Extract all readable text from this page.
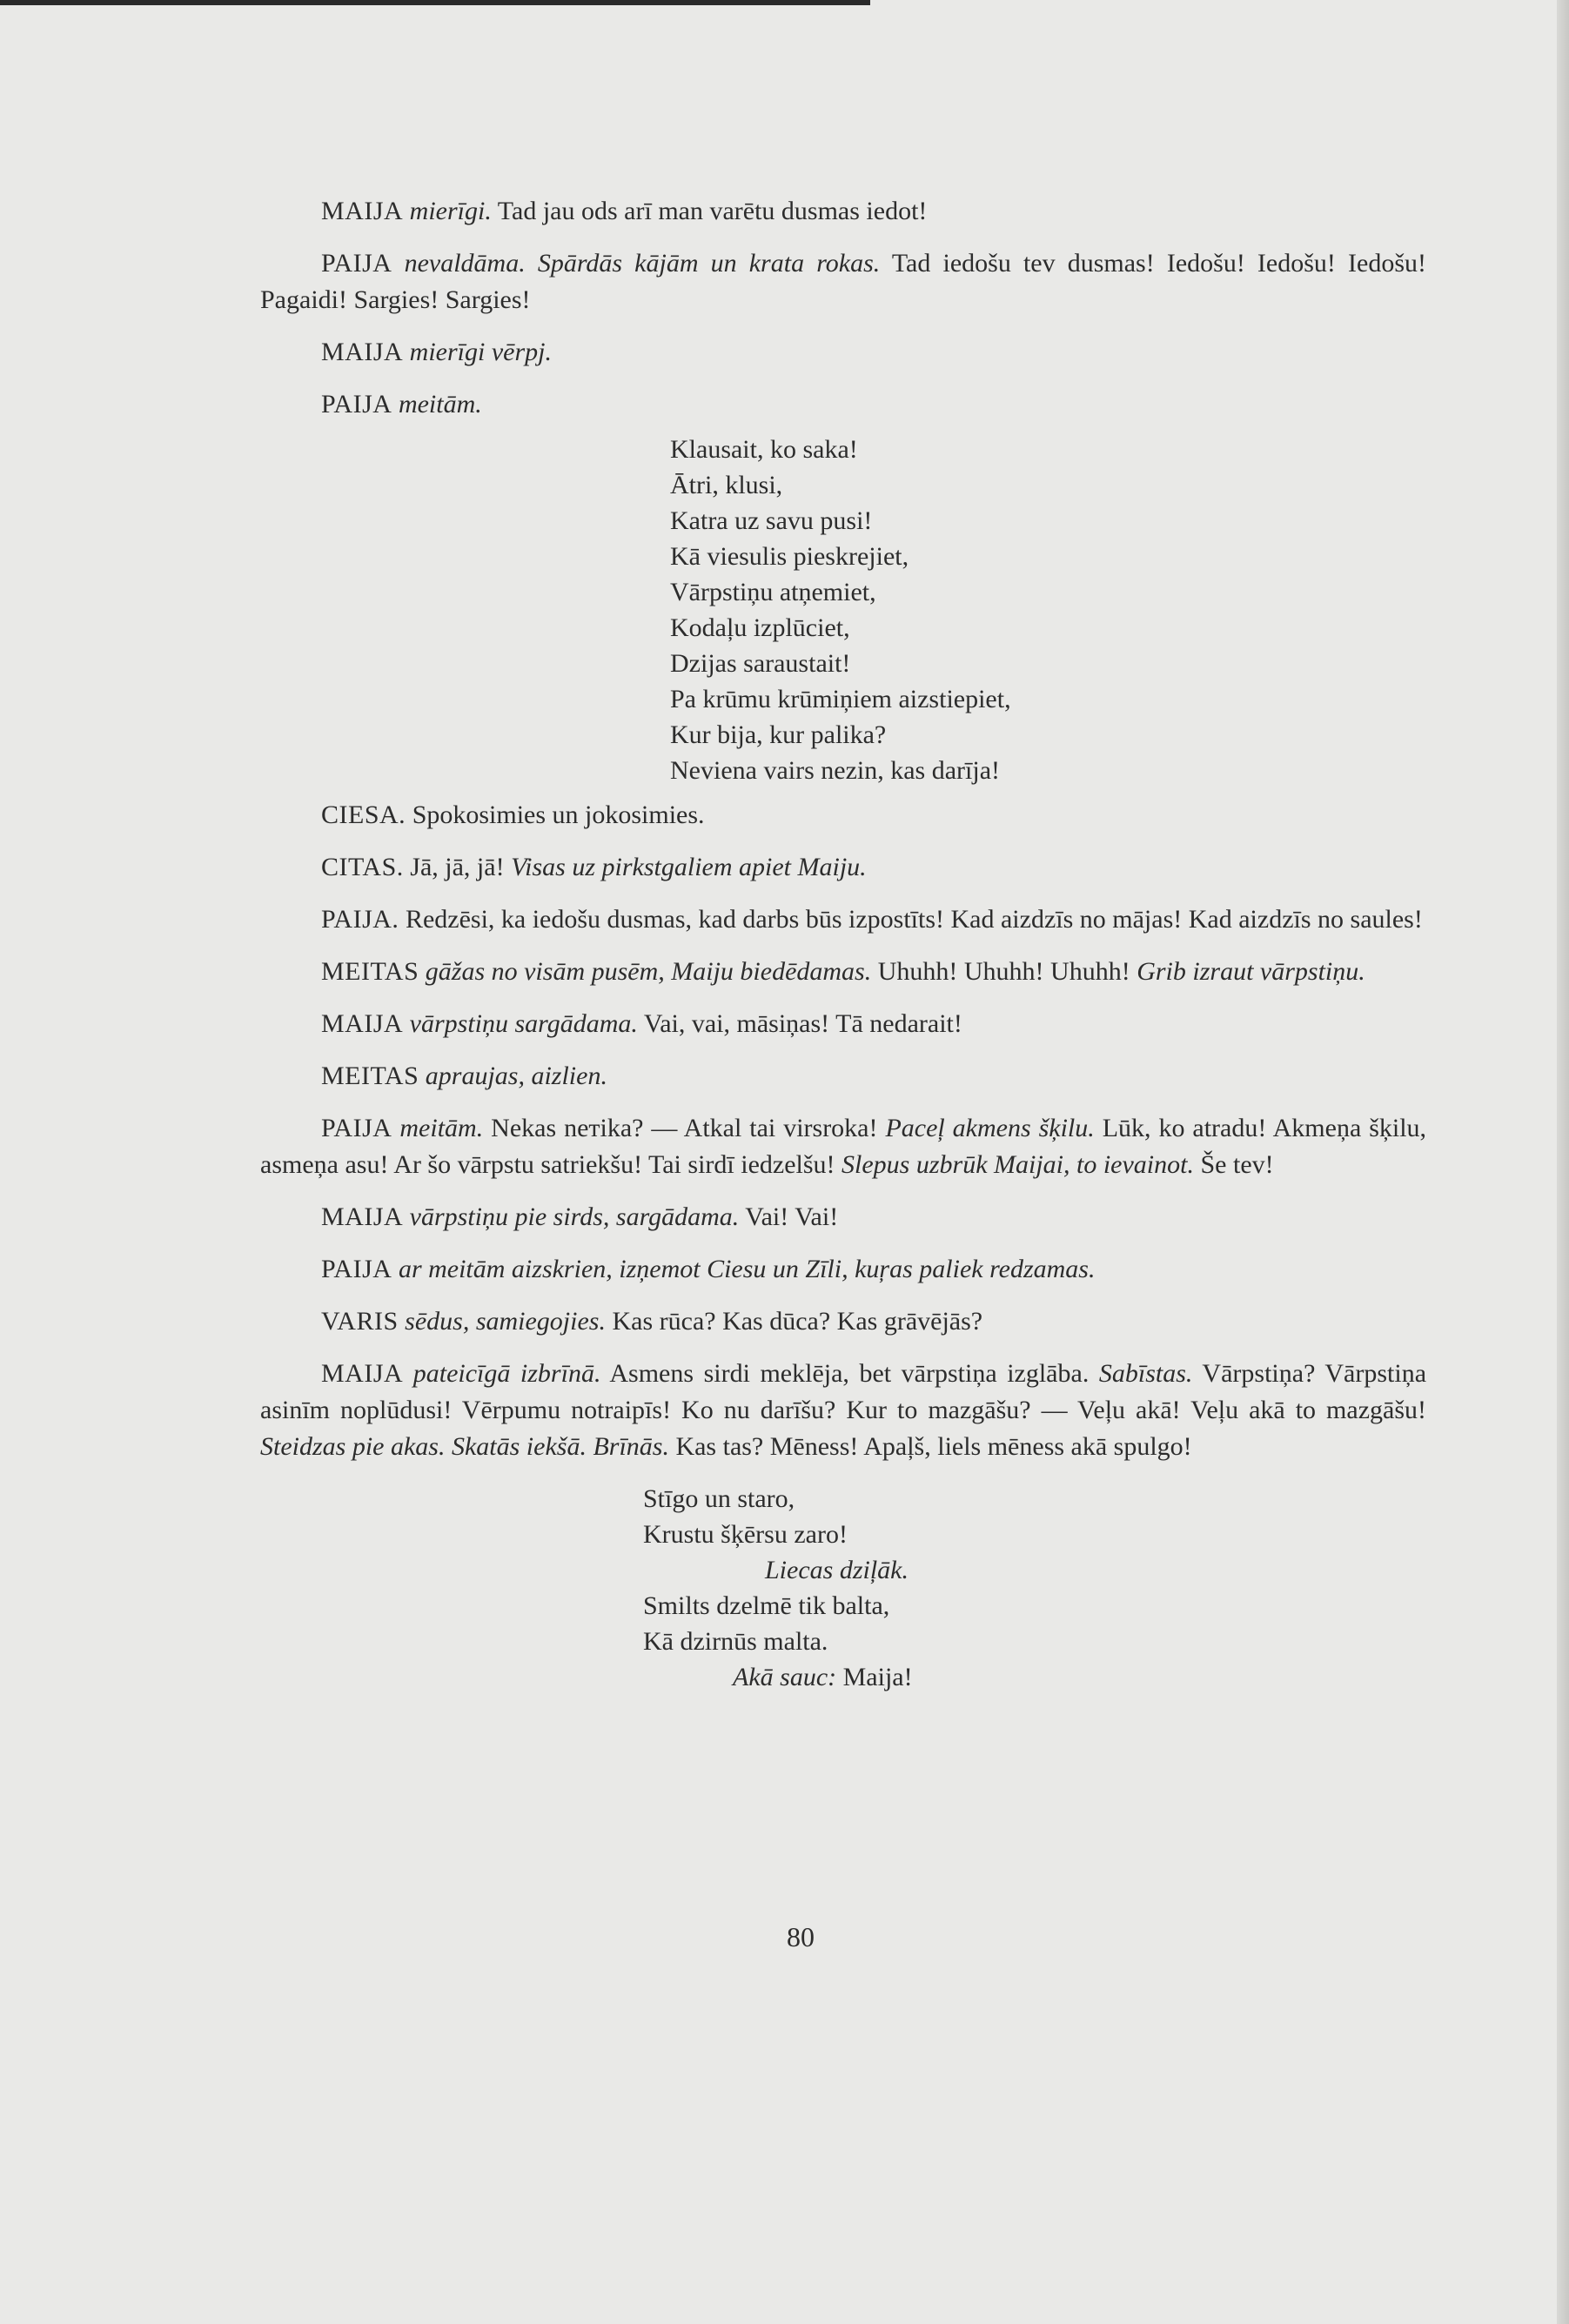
MAIJA mierīgi. Tad jau ods arī man varētu dusmas iedot!

PAIJA nevaldāma. Spārdās kājām un krata rokas. Tad iedošu tev dusmas! Iedošu! Iedošu! Iedošu! Pagaidi! Sargies! Sargies!

MAIJA mierīgi vērpj.

PAIJA meitām.

Klausait, ko saka!
Ātri, klusi,
Katra uz savu pusi!
Kā viesulis pieskrejiet,
Vārpstiņu atņemiet,
Kodaļu izplūciet,
Dzijas saraustait!
Pa krūmu krūmiņiem aizstiepiet,
Kur bija, kur palika?
Neviena vairs nezin, kas darīja!

CIESA. Spokosimies un jokosimies.

CITAS. Jā, jā, jā! Visas uz pirkstgaliem apiet Maiju.

PAIJA. Redzēsi, ka iedošu dusmas, kad darbs būs izpostīts! Kad aizdzīs no mājas! Kad aizdzīs no saules!

MEITAS gāžas no visām pusēm, Maiju biedēdamas. Uhuhh! Uhuhh! Uhuhh! Grib izraut vārpstiņu.

MAIJA vārpstiņu sargādama. Vai, vai, māsiņas! Tā nedarait!

MEITAS apraujas, aizlien.

PAIJA meitām. Nekas neтika? — Atkal tai virsroka! Paceļ akmens šķilu. Lūk, ko atradu! Akmeņa šķilu, asmeņa asu! Ar šo vārpstu satriekšu! Tai sirdī iedzelšu! Slepus uzbrūk Maijai, to ievainot. Še tev!

MAIJA vārpstiņu pie sirds, sargādama. Vai! Vai!

PAIJA ar meitām aizskrien, izņemot Ciesu un Zīli, kuŗas paliek redzamas.

VARIS sēdus, samiegojies. Kas rūca? Kas dūca? Kas grāvējās?

MAIJA pateicīgā izbrīnā. Asmens sirdi meklēja, bet vārpstiņa izglāba. Sabīstas. Vārpstiņa? Vārpstiņa asinīm noplūdusi! Vērpumu notraipīs! Ko nu darīšu? Kur to mazgāšu? — Veļu akā! Veļu akā to mazgāšu! Steidzas pie akas. Skatās iekšā. Brīnās. Kas tas? Mēness! Apaļš, liels mēness akā spulgo!

Stīgo un staro,
Krustu šķērsu zaro!
Liecas dziļāk.
Smilts dzelmē tik balta,
Kā dzirnūs malta.
Akā sauc: Maija!
80
